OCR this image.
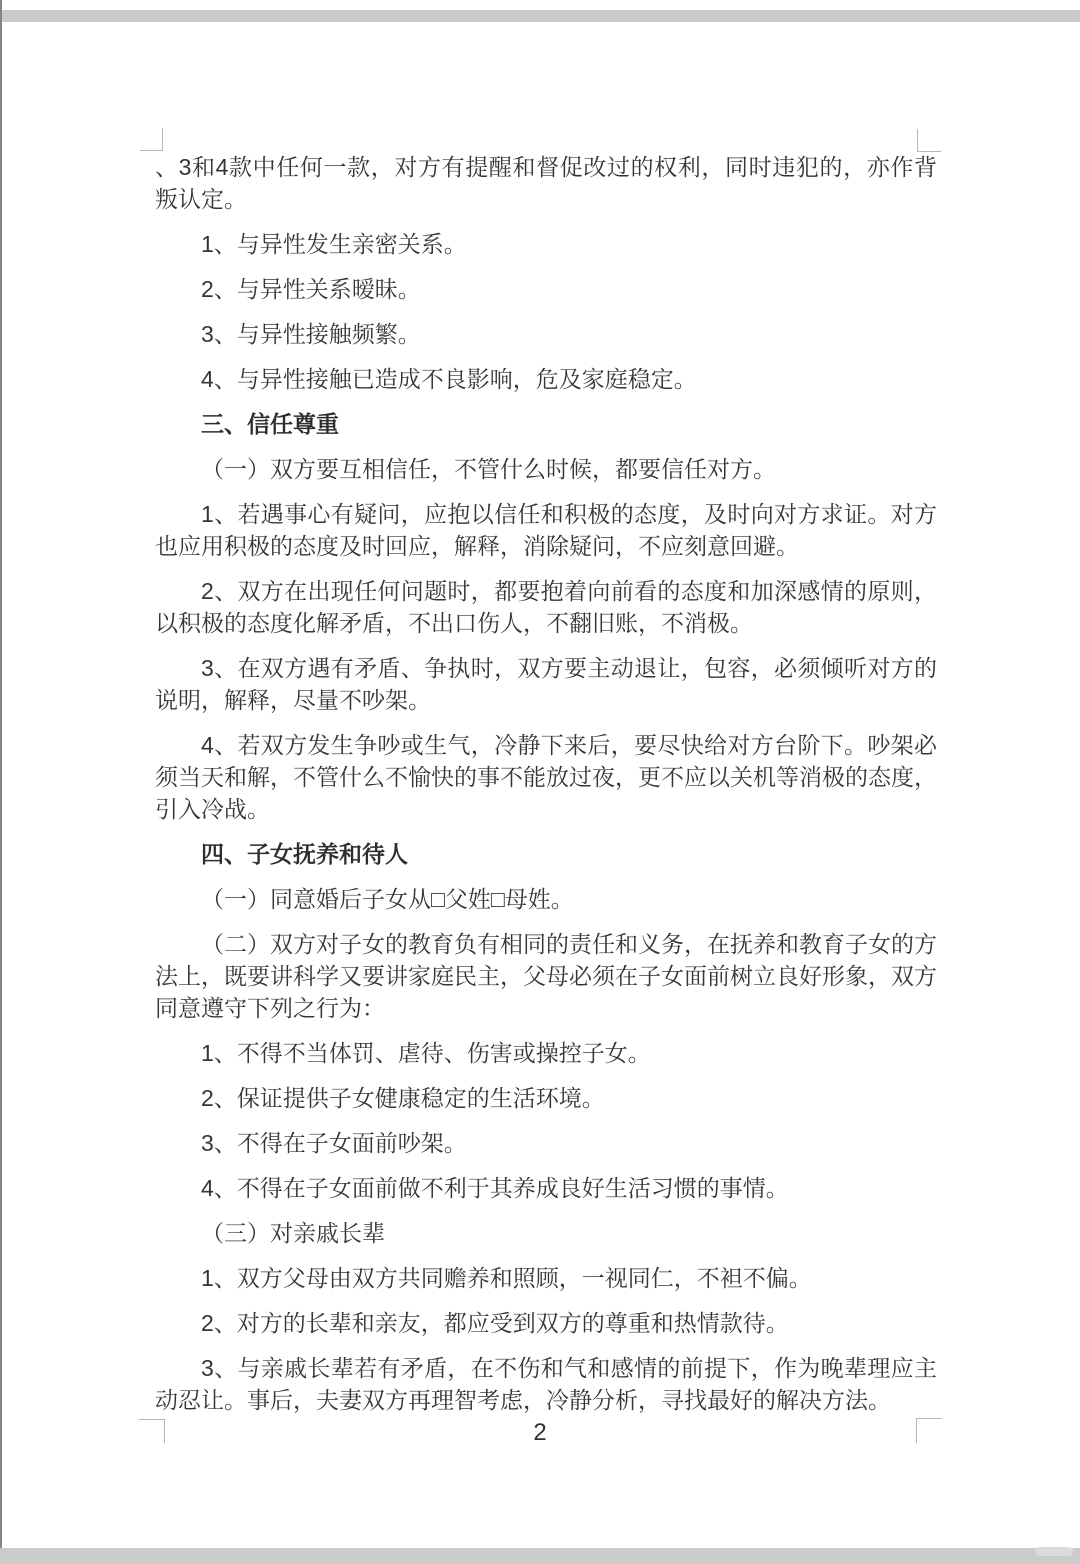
、3和4款中任何一款，对方有提醒和督促改过的权利，同时违犯的，亦作背叛认定。

1、与异性发生亲密关系。

2、与异性关系暧昧。

3、与异性接触频繁。

4、与异性接触已造成不良影响，危及家庭稳定。

三、信任尊重

（一）双方要互相信任，不管什么时候，都要信任对方。

1、若遇事心有疑问，应抱以信任和积极的态度，及时向对方求证。对方也应用积极的态度及时回应，解释，消除疑问，不应刻意回避。

2、双方在出现任何问题时，都要抱着向前看的态度和加深感情的原则，以积极的态度化解矛盾，不出口伤人，不翻旧账，不消极。

3、在双方遇有矛盾、争执时，双方要主动退让，包容，必须倾听对方的说明，解释，尽量不吵架。

4、若双方发生争吵或生气，冷静下来后，要尽快给对方台阶下。吵架必须当天和解，不管什么不愉快的事不能放过夜，更不应以关机等消极的态度，引入冷战。

四、子女抚养和待人

（一）同意婚后子女从□父姓□母姓。

（二）双方对子女的教育负有相同的责任和义务，在抚养和教育子女的方法上，既要讲科学又要讲家庭民主，父母必须在子女面前树立良好形象，双方同意遵守下列之行为：

1、不得不当体罚、虐待、伤害或操控子女。

2、保证提供子女健康稳定的生活环境。

3、不得在子女面前吵架。

4、不得在子女面前做不利于其养成良好生活习惯的事情。

（三）对亲戚长辈

1、双方父母由双方共同赡养和照顾，一视同仁，不袒不偏。

2、对方的长辈和亲友，都应受到双方的尊重和热情款待。

3、与亲戚长辈若有矛盾，在不伤和气和感情的前提下，作为晚辈理应主动忍让。事后，夫妻双方再理智考虑，冷静分析，寻找最好的解决方法。

2
